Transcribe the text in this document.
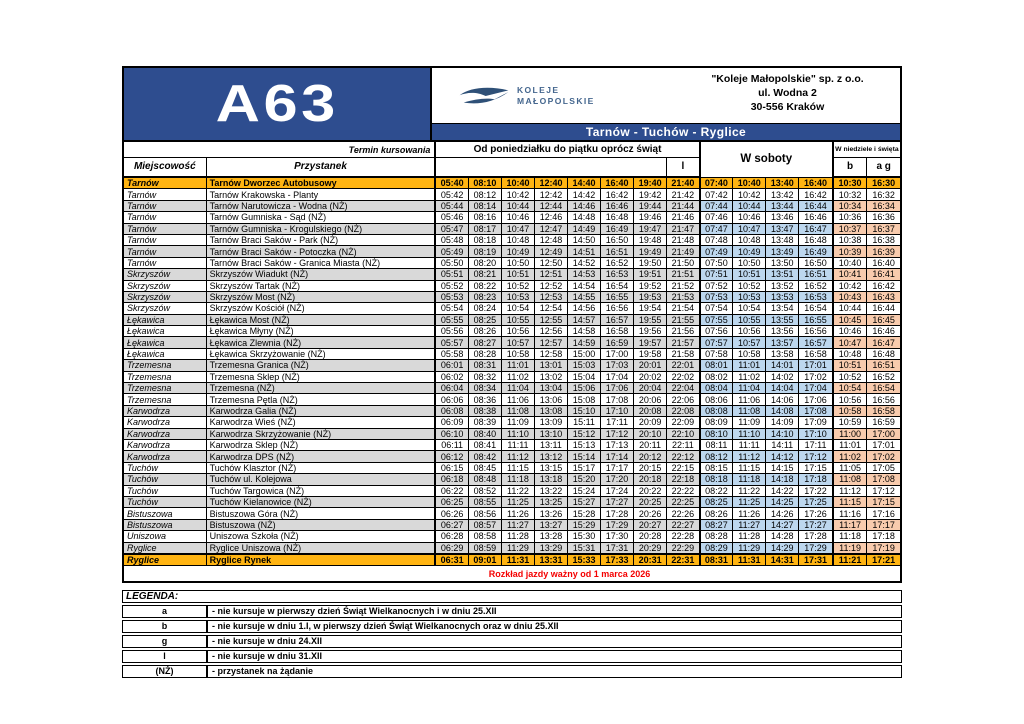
A63	KOLEJE
MAŁOPOLSKIE
"Koleje Małopolskie" sp. z o.o.
ul. Wodna 2
30-556 Kraków
Tarnów - Tuchów - Ryglice
Termin kursowania		Od poniedziałku do piątku oprócz świąt								W soboty				W niedziele i święta	
Miejscowość	Przystanek								l					b	a g
Tarnów	Tarnów Dworzec Autobusowy	05:40	08:10	10:40	12:40	14:40	16:40	19:40	21:40	07:40	10:40	13:40	16:40	10:30	16:30
Tarnów	Tarnów Krakowska - Planty	05:42	08:12	10:42	12:42	14:42	16:42	19:42	21:42	07:42	10:42	13:42	16:42	10:32	16:32
Tarnów	Tarnów Narutowicza - Wodna (NŻ)	05:44	08:14	10:44	12:44	14:46	16:46	19:44	21:44	07:44	10:44	13:44	16:44	10:34	16:34
Tarnów	Tarnów Gumniska - Sąd (NŻ)	05:46	08:16	10:46	12:46	14:48	16:48	19:46	21:46	07:46	10:46	13:46	16:46	10:36	16:36
Tarnów	Tarnów Gumniska - Krogulskiego (NŻ)	05:47	08:17	10:47	12:47	14:49	16:49	19:47	21:47	07:47	10:47	13:47	16:47	10:37	16:37
Tarnów	Tarnów Braci Saków - Park (NŻ)	05:48	08:18	10:48	12:48	14:50	16:50	19:48	21:48	07:48	10:48	13:48	16:48	10:38	16:38
Tarnów	Tarnów Braci Saków - Potoczka (NŻ)	05:49	08:19	10:49	12:49	14:51	16:51	19:49	21:49	07:49	10:49	13:49	16:49	10:39	16:39
Tarnów	Tarnów Braci Saków - Granica Miasta (NŻ)	05:50	08:20	10:50	12:50	14:52	16:52	19:50	21:50	07:50	10:50	13:50	16:50	10:40	16:40
Skrzyszów	Skrzyszów Wiadukt (NŻ)	05:51	08:21	10:51	12:51	14:53	16:53	19:51	21:51	07:51	10:51	13:51	16:51	10:41	16:41
Skrzyszów	Skrzyszów Tartak (NŻ)	05:52	08:22	10:52	12:52	14:54	16:54	19:52	21:52	07:52	10:52	13:52	16:52	10:42	16:42
Skrzyszów	Skrzyszów Most (NŻ)	05:53	08:23	10:53	12:53	14:55	16:55	19:53	21:53	07:53	10:53	13:53	16:53	10:43	16:43
Skrzyszów	Skrzyszów Kościół (NŻ)	05:54	08:24	10:54	12:54	14:56	16:56	19:54	21:54	07:54	10:54	13:54	16:54	10:44	16:44
Łękawica	Łękawica Most (NŻ)	05:55	08:25	10:55	12:55	14:57	16:57	19:55	21:55	07:55	10:55	13:55	16:55	10:45	16:45
Łękawica	Łękawica Młyny (NŻ)	05:56	08:26	10:56	12:56	14:58	16:58	19:56	21:56	07:56	10:56	13:56	16:56	10:46	16:46
Łękawica	Łękawica Zlewnia (NŻ)	05:57	08:27	10:57	12:57	14:59	16:59	19:57	21:57	07:57	10:57	13:57	16:57	10:47	16:47
Łękawica	Łękawica Skrzyżowanie (NŻ)	05:58	08:28	10:58	12:58	15:00	17:00	19:58	21:58	07:58	10:58	13:58	16:58	10:48	16:48
Trzemesna	Trzemesna Granica (NŻ)	06:01	08:31	11:01	13:01	15:03	17:03	20:01	22:01	08:01	11:01	14:01	17:01	10:51	16:51
Trzemesna	Trzemesna Sklep (NŻ)	06:02	08:32	11:02	13:02	15:04	17:04	20:02	22:02	08:02	11:02	14:02	17:02	10:52	16:52
Trzemesna	Trzemesna (NŻ)	06:04	08:34	11:04	13:04	15:06	17:06	20:04	22:04	08:04	11:04	14:04	17:04	10:54	16:54
Trzemesna	Trzemesna Pętla (NŻ)	06:06	08:36	11:06	13:06	15:08	17:08	20:06	22:06	08:06	11:06	14:06	17:06	10:56	16:56
Karwodrza	Karwodrza Galia (NŻ)	06:08	08:38	11:08	13:08	15:10	17:10	20:08	22:08	08:08	11:08	14:08	17:08	10:58	16:58
Karwodrza	Karwodrza Wieś (NŻ)	06:09	08:39	11:09	13:09	15:11	17:11	20:09	22:09	08:09	11:09	14:09	17:09	10:59	16:59
Karwodrza	Karwodrza Skrzyżowanie (NŻ)	06:10	08:40	11:10	13:10	15:12	17:12	20:10	22:10	08:10	11:10	14:10	17:10	11:00	17:00
Karwodrza	Karwodrza Sklep (NŻ)	06:11	08:41	11:11	13:11	15:13	17:13	20:11	22:11	08:11	11:11	14:11	17:11	11:01	17:01
Karwodrza	Karwodrza DPS (NŻ)	06:12	08:42	11:12	13:12	15:14	17:14	20:12	22:12	08:12	11:12	14:12	17:12	11:02	17:02
Tuchów	Tuchów Klasztor (NŻ)	06:15	08:45	11:15	13:15	15:17	17:17	20:15	22:15	08:15	11:15	14:15	17:15	11:05	17:05
Tuchów	Tuchów ul. Kolejowa	06:18	08:48	11:18	13:18	15:20	17:20	20:18	22:18	08:18	11:18	14:18	17:18	11:08	17:08
Tuchów	Tuchów Targowica (NŻ)	06:22	08:52	11:22	13:22	15:24	17:24	20:22	22:22	08:22	11:22	14:22	17:22	11:12	17:12
Tuchów	Tuchów Kielanowice (NŻ)	06:25	08:55	11:25	13:25	15:27	17:27	20:25	22:25	08:25	11:25	14:25	17:25	11:15	17:15
Bistuszowa	Bistuszowa Góra (NŻ)	06:26	08:56	11:26	13:26	15:28	17:28	20:26	22:26	08:26	11:26	14:26	17:26	11:16	17:16
Bistuszowa	Bistuszowa (NŻ)	06:27	08:57	11:27	13:27	15:29	17:29	20:27	22:27	08:27	11:27	14:27	17:27	11:17	17:17
Uniszowa	Uniszowa Szkoła (NŻ)	06:28	08:58	11:28	13:28	15:30	17:30	20:28	22:28	08:28	11:28	14:28	17:28	11:18	17:18
Ryglice	Ryglice Uniszowa (NŻ)	06:29	08:59	11:29	13:29	15:31	17:31	20:29	22:29	08:29	11:29	14:29	17:29	11:19	17:19
Ryglice	Ryglice Rynek	06:31	09:01	11:31	13:31	15:33	17:33	20:31	22:31	08:31	11:31	14:31	17:31	11:21	17:21
Rozkład jazdy ważny od 1 marca 2026															
LEGENDA:	
a	- nie kursuje w pierwszy dzień Świąt Wielkanocnych i w dniu 25.XII
b	- nie kursuje w dniu 1.I, w pierwszy dzień Świąt Wielkanocnych oraz w dniu 25.XII
g	- nie kursuje w dniu 24.XII
l	- nie kursuje w dniu 31.XII
(NŻ)	- przystanek na żądanie
